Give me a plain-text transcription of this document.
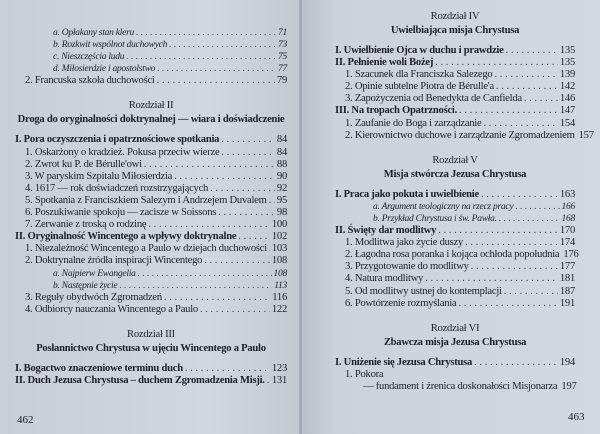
a. Opłakany stan kleru . . .	71
b. Rozkwit wspólnot duchowych . . .	73
c. Nieszczęścia ludu . . .	75
d. Miłosierdzie i apostolstwo . . .	77
2. Francuska szkoła duchowości . . .	79
Rozdział II
Droga do oryginalności doktrynalnej — wiara i doświadczenie
I. Pora oczyszczenia i opatrznościowe spotkania . . .	84
1. Oskarżony o kradzież. Pokusa przeciw wierze . . .	84
2. Zwrot ku P. de Bérulle'owi . . .	88
3. W paryskim Szpitalu Miłosierdzia . . .	90
4. 1617 — rok doświadczeń rozstrzygających . . .	92
5. Spotkania z Franciszkiem Salezym i Andrzejem Duvalem . . . 95
6. Poszukiwanie spokoju — zacisze w Soissons . . .	98
7. Zerwanie z troską o rodzinę . . .	100
II. Oryginalność Wincentego a wpływy doktrynalne . . .	102
1. Niezależność Wincentego a Paulo w dziejach duchowości . . . 103
2. Doktrynalne źródła inspiracji Wincentego . . .	108
a. Najpierw Ewangelia . . .	108
b. Następnie życie . . .	113
3. Reguły obydwóch Zgromadzeń . . .	116
4. Odbiorcy nauczania Wincentego a Paulo . . .	122
Rozdział III
Posłannictwo Chrystusa w ujęciu Wincentego a Paulo
I. Bogactwo znaczeniowe terminu duch . . .	123
II. Duch Jezusa Chrystusa – duchem Zgromadzenia Misji. . . . 131
462
Rozdział IV
Uwielbiająca misja Chrystusa
I. Uwielbienie Ojca w duchu i prawdzie . . .	135
II. Pełnienie woli Bożej . . .	135
1. Szacunek dla Franciszka Salezego . . .	139
2. Opinie subtelne Piotra de Bérulle'a . . .	142
3. Zapożyczenia od Benedykta de Canfielda . . .	146
III. Na tropach Opatrzności. . . .	147
1. Zaufanie do Boga i zarządzanie . . .	154
2. Kierownictwo duchowe i zarządzanie Zgromadzeniem 157
Rozdział V
Misja stwórcza Jezusa Chrystusa
I. Praca jako pokuta i uwielbienie . . .	163
a. Argument teologiczny na rzecz pracy . . .	166
b. Przykład Chrystusa i św. Pawła. . . .	168
II. Święty dar modlitwy . . .	170
1. Modlitwa jako życie duszy . . .	174
2. Łagodna rosa poranka i kojąca ochłoda popołudnia 176
3. Przygotowanie do modlitwy . . .	177
4. Natura modlitwy . . .	181
5. Od modlitwy ustnej do kontemplacji . . .	187
6. Powtórzenie rozmyślania . . .	191
Rozdział VI
Zbawcza misja Jezusa Chrystusa
I. Uniżenie się Jezusa Chrystusa . . .	194
1. Pokora
— fundament i źrenica doskonałości Misjonarza 197
463
